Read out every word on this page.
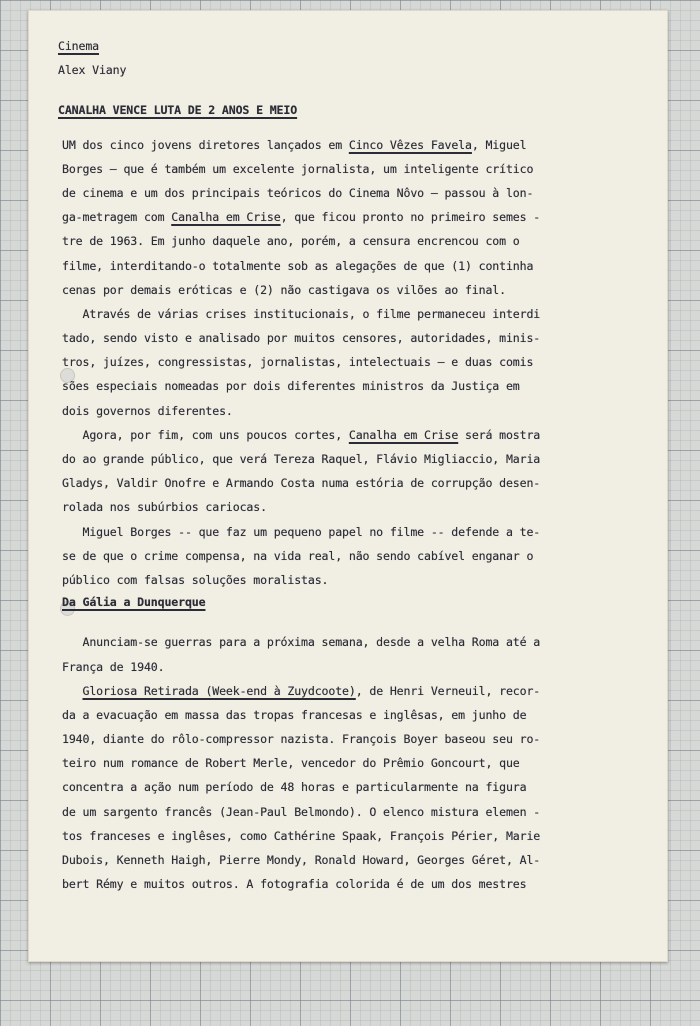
Cinema
Alex Viany
CANALHA VENCE LUTA DE 2 ANOS E MEIO
UM dos cinco jovens diretores lançados em Cinco Vêzes Favela, Miguel
Borges — que é também um excelente jornalista, um inteligente crítico
de cinema e um dos principais teóricos do Cinema Nôvo — passou à lon-
ga-metragem com Canalha em Crise, que ficou pronto no primeiro semes -
tre de 1963. Em junho daquele ano, porém, a censura encrencou com o
filme, interditando-o totalmente sob as alegações de que (1) continha
cenas por demais eróticas e (2) não castigava os vilões ao final.
Através de várias crises institucionais, o filme permaneceu interdi
tado, sendo visto e analisado por muitos censores, autoridades, minis-
tros, juízes, congressistas, jornalistas, intelectuais — e duas comis
sões especiais nomeadas por dois diferentes ministros da Justiça em
dois governos diferentes.
Agora, por fim, com uns poucos cortes, Canalha em Crise será mostra
do ao grande público, que verá Tereza Raquel, Flávio Migliaccio, Maria
Gladys, Valdir Onofre e Armando Costa numa estória de corrupção desen-
rolada nos subúrbios cariocas.
Miguel Borges -- que faz um pequeno papel no filme -- defende a te-
se de que o crime compensa, na vida real, não sendo cabível enganar o
público com falsas soluções moralistas.
Da Gália a Dunquerque
Anunciam-se guerras para a próxima semana, desde a velha Roma até a
França de 1940.
Gloriosa Retirada (Week-end à Zuydcoote), de Henri Verneuil, recor-
da a evacuação em massa das tropas francesas e inglêsas, em junho de
1940, diante do rôlo-compressor nazista. François Boyer baseou seu ro-
teiro num romance de Robert Merle, vencedor do Prêmio Goncourt, que
concentra a ação num período de 48 horas e particularmente na figura
de um sargento francês (Jean-Paul Belmondo). O elenco mistura elemen -
tos franceses e inglêses, como Cathérine Spaak, François Périer, Marie
Dubois, Kenneth Haigh, Pierre Mondy, Ronald Howard, Georges Géret, Al-
bert Rémy e muitos outros. A fotografia colorida é de um dos mestres
